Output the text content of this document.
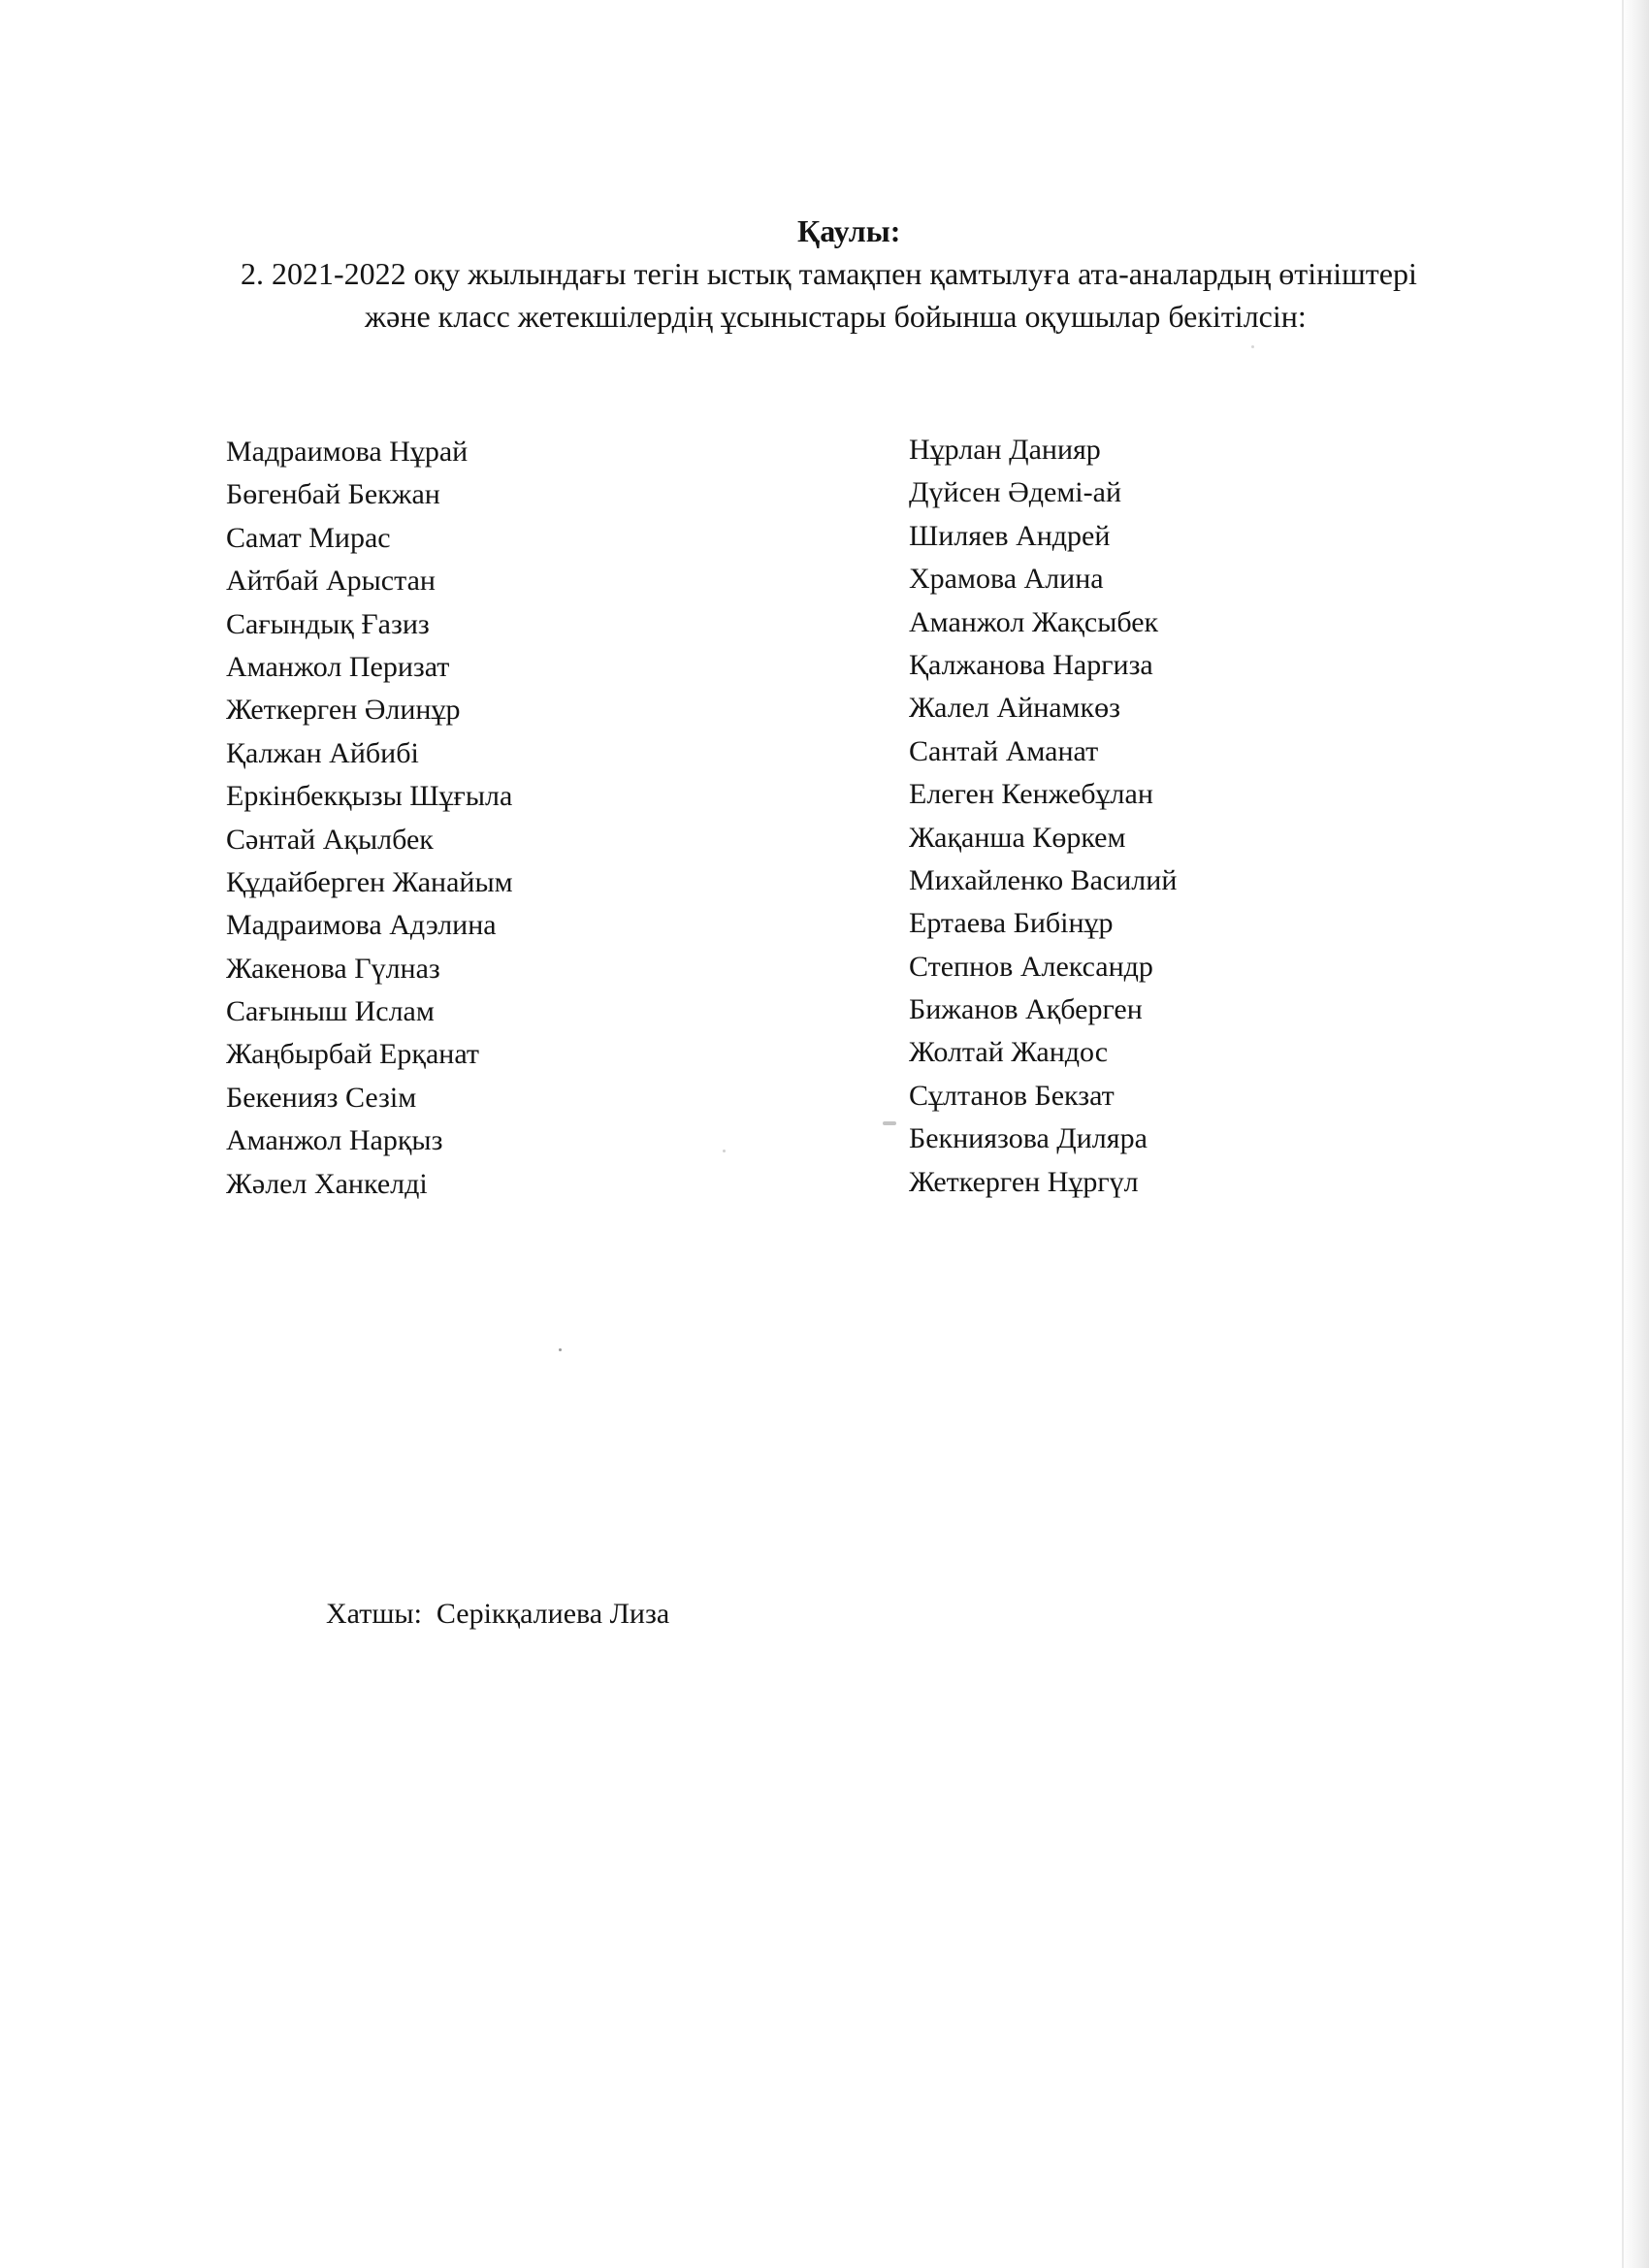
Қаулы:
2. 2021-2022 оқу жылындағы тегін ыстық тамақпен қамтылуға ата-аналардың өтініштері
және класс жетекшілердің ұсыныстары бойынша оқушылар бекітілсін:
Мадраимова Нұрай
Бөгенбай Бекжан
Самат Мирас
Айтбай Арыстан
Сағындық Ғазиз
Аманжол Перизат
Жеткерген Әлинұр
Қалжан Айбибі
Еркінбекқызы Шұғыла
Сәнтай Ақылбек
Құдайберген Жанайым
Мадраимова Адэлина
Жакенова Гүлназ
Сағыныш Ислам
Жаңбырбай Ерқанат
Бекенияз Сезім
Аманжол Нарқыз
Жәлел Ханкелді
Нұрлан Данияр
Дүйсен Әдемі-ай
Шиляев Андрей
Храмова Алина
Аманжол Жақсыбек
Қалжанова Наргиза
Жалел Айнамкөз
Сантай Аманат
Елеген Кенжебұлан
Жақанша Көркем
Михайленко Василий
Ертаева Бибінұр
Степнов Александр
Бижанов Ақберген
Жолтай Жандос
Сұлтанов Бекзат
Бекниязова Диляра
Жеткерген Нұргүл
Хатшы: Серікқалиева Лиза
